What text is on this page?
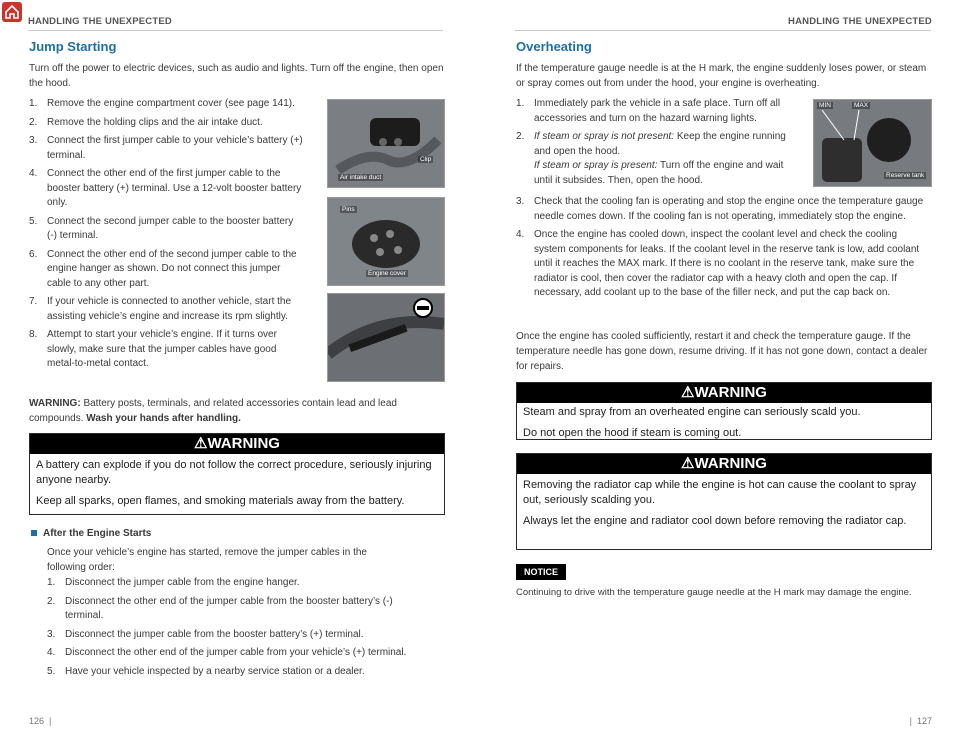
HANDLING THE UNEXPECTED	HANDLING THE UNEXPECTED
Jump Starting

Turn off the power to electric devices, such as audio and lights. Turn off the engine, then open the hood.

1. Remove the engine compartment cover (see page 141).
2. Remove the holding clips and the air intake duct.
3. Connect the first jumper cable to your vehicle’s battery (+) terminal.
4. Connect the other end of the first jumper cable to the booster battery (+) terminal. Use a 12-volt booster battery only.
5. Connect the second jumper cable to the booster battery (-) terminal.
6. Connect the other end of the second jumper cable to the engine hanger as shown. Do not connect this jumper cable to any other part.
7. If your vehicle is connected to another vehicle, start the assisting vehicle’s engine and increase its rpm slightly.
8. Attempt to start your vehicle’s engine. If it turns over slowly, make sure that the jumper cables have good metal-to-metal contact.
Air intake duct
Clip
Pins
Engine cover

WARNING: Battery posts, terminals, and related accessories contain lead and lead compounds. Wash your hands after handling.

⚠WARNING

A battery can explode if you do not follow the correct procedure, seriously injuring anyone nearby.

Keep all sparks, open flames, and smoking materials away from the battery.

After the Engine Starts

Once your vehicle’s engine has started, remove the jumper cables in the following order:

1. Disconnect the jumper cable from the engine hanger.
2. Disconnect the other end of the jumper cable from the booster battery’s (-) terminal.
3. Disconnect the jumper cable from the booster battery’s (+) terminal.
4. Disconnect the other end of the jumper cable from your vehicle’s (+) terminal.
5. Have your vehicle inspected by a nearby service station or a dealer.
126  |
Overheating

If the temperature gauge needle is at the H mark, the engine suddenly loses power, or steam or spray comes out from under the hood, your engine is overheating.

1. Immediately park the vehicle in a safe place. Turn off all accessories and turn on the hazard warning lights.
2. If steam or spray is not present: Keep the engine running and open the hood.
If steam or spray is present: Turn off the engine and wait until it subsides. Then, open the hood.
MIN	MAX
Reserve tank
3. Check that the cooling fan is operating and stop the engine once the temperature gauge needle comes down. If the cooling fan is not operating, immediately stop the engine.
4. Once the engine has cooled down, inspect the coolant level and check the cooling system components for leaks. If the coolant level in the reserve tank is low, add coolant until it reaches the MAX mark. If there is no coolant in the reserve tank, make sure the radiator is cool, then cover the radiator cap with a heavy cloth and open the cap. If necessary, add coolant up to the base of the filler neck, and put the cap back on.

Once the engine has cooled sufficiently, restart it and check the temperature gauge. If the temperature needle has gone down, resume driving. If it has not gone down, contact a dealer for repairs.

⚠WARNING

Steam and spray from an overheated engine can seriously scald you.

Do not open the hood if steam is coming out.

⚠WARNING

Removing the radiator cap while the engine is hot can cause the coolant to spray out, seriously scalding you.

Always let the engine and radiator cool down before removing the radiator cap.

NOTICE

Continuing to drive with the temperature gauge needle at the H mark may damage the engine.

|  127
